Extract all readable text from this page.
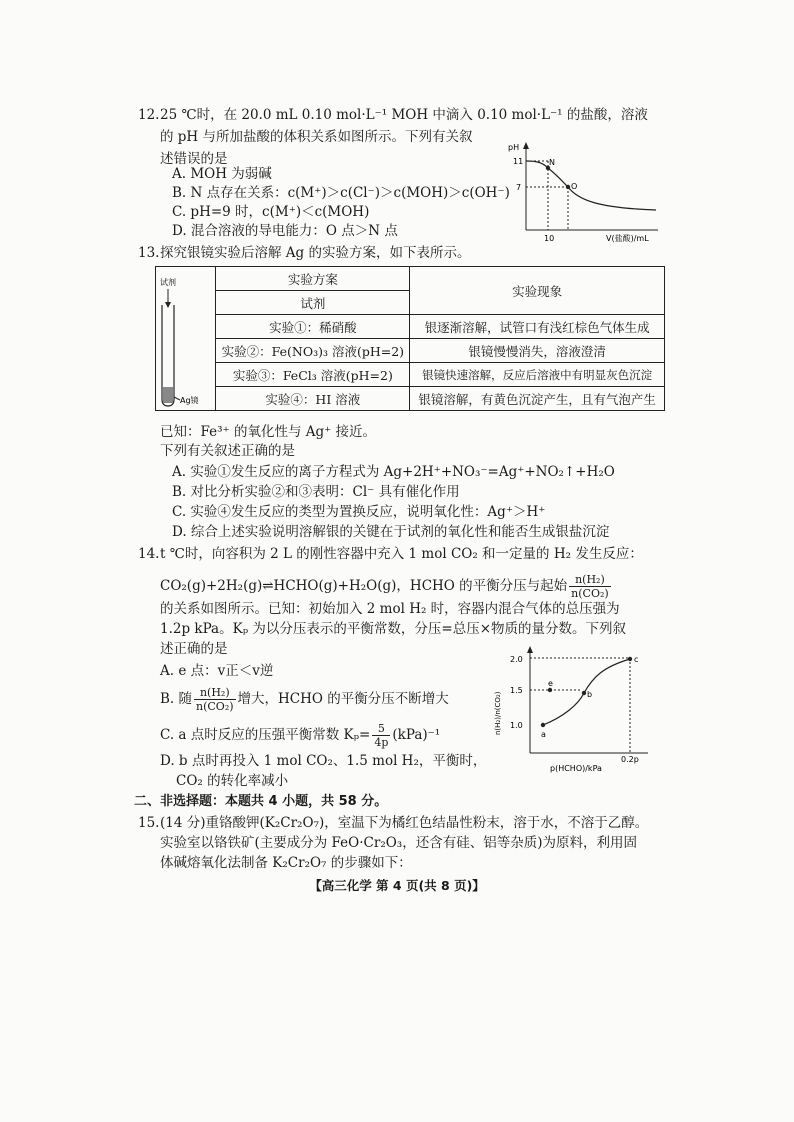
12. 25 ℃时，在 20.0 mL 0.10 mol·L⁻¹ MOH 中滴入 0.10 mol·L⁻¹ 的盐酸，溶液
的 pH 与所加盐酸的体积关系如图所示。下列有关叙
述错误的是
A. MOH 为弱碱
B. N 点存在关系：c(M⁺)＞c(Cl⁻)＞c(MOH)＞c(OH⁻)
C. pH=9 时，c(M⁺)＜c(MOH)
D. 混合溶液的导电能力：O 点＞N 点
pH
11
7
10	V(盐酸)/mL
N
O
13. 探究银镜实验后溶解 Ag 的实验方案，如下表所示。
	实验方案	实验现象
	试剂	

试剂
Ag镜	实验①：稀硝酸	银逐渐溶解，试管口有浅红棕色气体生成
	实验②：Fe(NO₃)₃ 溶液(pH=2)	银镜慢慢消失，溶液澄清
	实验③：FeCl₃ 溶液(pH=2)	银镜快速溶解，反应后溶液中有明显灰色沉淀
	实验④：HI 溶液	银镜溶解，有黄色沉淀产生，且有气泡产生
已知：Fe³⁺ 的氧化性与 Ag⁺ 接近。
下列有关叙述正确的是
A. 实验①发生反应的离子方程式为 Ag+2H⁺+NO₃⁻=Ag⁺+NO₂↑+H₂O
B. 对比分析实验②和③表明：Cl⁻ 具有催化作用
C. 实验④发生反应的类型为置换反应，说明氧化性：Ag⁺＞H⁺
D. 综合上述实验说明溶解银的关键在于试剂的氧化性和能否生成银盐沉淀
14. t ℃时，向容积为 2 L 的刚性容器中充入 1 mol CO₂ 和一定量的 H₂ 发生反应：
CO₂(g)+2H₂(g)⇌HCHO(g)+H₂O(g)，HCHO 的平衡分压与起始 $\frac{\text{n(H₂)}}{\text{n(CO₂)}}$
的关系如图所示。已知：初始加入 2 mol H₂ 时，容器内混合气体的总压强为
1.2p kPa。Kₚ 为以分压表示的平衡常数，分压=总压×物质的量分数。下列叙
述正确的是
A. e 点：v正＜v逆
B. 随 $\frac{\text{n(H₂)}}{\text{n(CO₂)}}$ 增大，HCHO 的平衡分压不断增大
C. a 点时反应的压强平衡常数 $K_p= \frac{5}{4p} (kPa)^{-1}$
D. b 点时再投入 1 mol CO₂、1.5 mol H₂，平衡时，
CO₂ 的转化率减小
2.0
1.5
1.0
0.2p
p(HCHO)/kPa
n(H₂)/n(CO₂)	a
b
c
e
二、非选择题：本题共 4 小题，共 58 分。
15. (14 分)重铬酸钾(K₂Cr₂O₇)，室温下为橘红色结晶性粉末，溶于水，不溶于乙醇。
实验室以铬铁矿(主要成分为 FeO·Cr₂O₃，还含有硅、铝等杂质)为原料，利用固
体碱熔氧化法制备 K₂Cr₂O₇ 的步骤如下：
【高三化学 第 4 页(共 8 页)】
